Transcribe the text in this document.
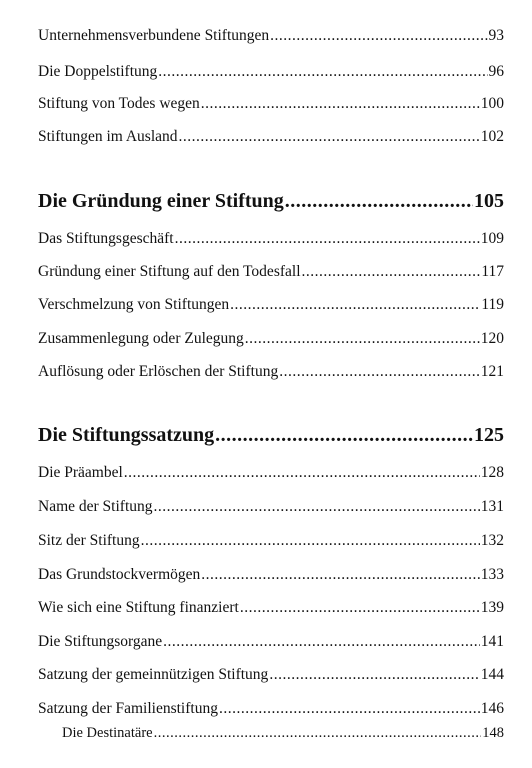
Unternehmensverbundene Stiftungen .....	93
Die Doppelstiftung .....	96
Stiftung von Todes wegen .....	100
Stiftungen im Ausland .....	102
Die Gründung einer Stiftung .....	105
Das Stiftungsgeschäft .....	109
Gründung einer Stiftung auf den Todesfall .....	117
Verschmelzung von Stiftungen .....	119
Zusammenlegung oder Zulegung .....	120
Auflösung oder Erlöschen der Stiftung .....	121
Die Stiftungssatzung .....	125
Die Präambel .....	128
Name der Stiftung .....	131
Sitz der Stiftung .....	132
Das Grundstockvermögen .....	133
Wie sich eine Stiftung finanziert .....	139
Die Stiftungsorgane .....	141
Satzung der gemeinnützigen Stiftung .....	144
Satzung der Familienstiftung .....	146
Die Destinatäre .....	148
